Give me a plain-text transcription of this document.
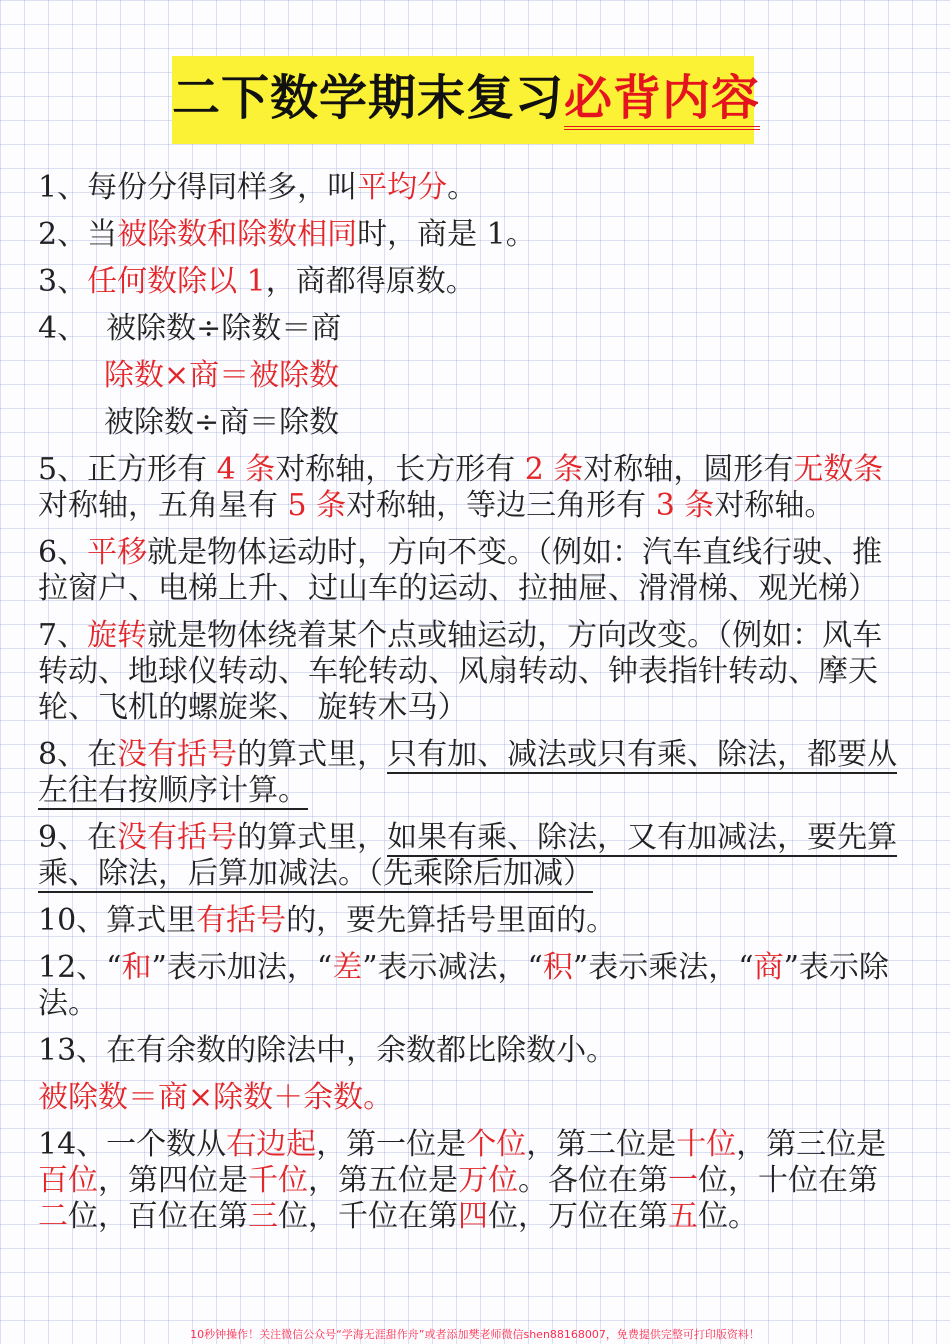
二下数学期末复习必背内容
1、每份分得同样多，叫平均分。
2、当被除数和除数相同时，商是 1。
3、任何数除以 1，商都得原数。
4、  被除数÷除数＝商
除数×商＝被除数
被除数÷商＝除数
5、正方形有 4 条对称轴，长方形有 2 条对称轴，圆形有无数条对称轴，五角星有 5 条对称轴，等边三角形有 3 条对称轴。
6、平移就是物体运动时，方向不变。（例如：汽车直线行驶、推拉窗户、电梯上升、过山车的运动、拉抽屉、滑滑梯、观光梯）
7、旋转就是物体绕着某个点或轴运动，方向改变。（例如：风车转动、地球仪转动、车轮转动、风扇转动、钟表指针转动、摩天轮、飞机的螺旋桨、 旋转木马）
8、在没有括号的算式里，只有加、减法或只有乘、除法，都要从左往右按顺序计算。
9、在没有括号的算式里，如果有乘、除法，又有加减法，要先算乘、除法，后算加减法。（先乘除后加减）
10、算式里有括号的，要先算括号里面的。
12、“和”表示加法，“差”表示减法，“积”表示乘法，“商”表示除法。
13、在有余数的除法中，余数都比除数小。
被除数＝商×除数＋余数。
14、一个数从右边起，第一位是个位，第二位是十位，第三位是百位，第四位是千位，第五位是万位。各位在第一位，十位在第二位，百位在第三位，千位在第四位，万位在第五位。
10秒钟操作！关注微信公众号“学海无涯甜作舟”或者添加樊老师微信shen88168007，免费提供完整可打印版资料！
